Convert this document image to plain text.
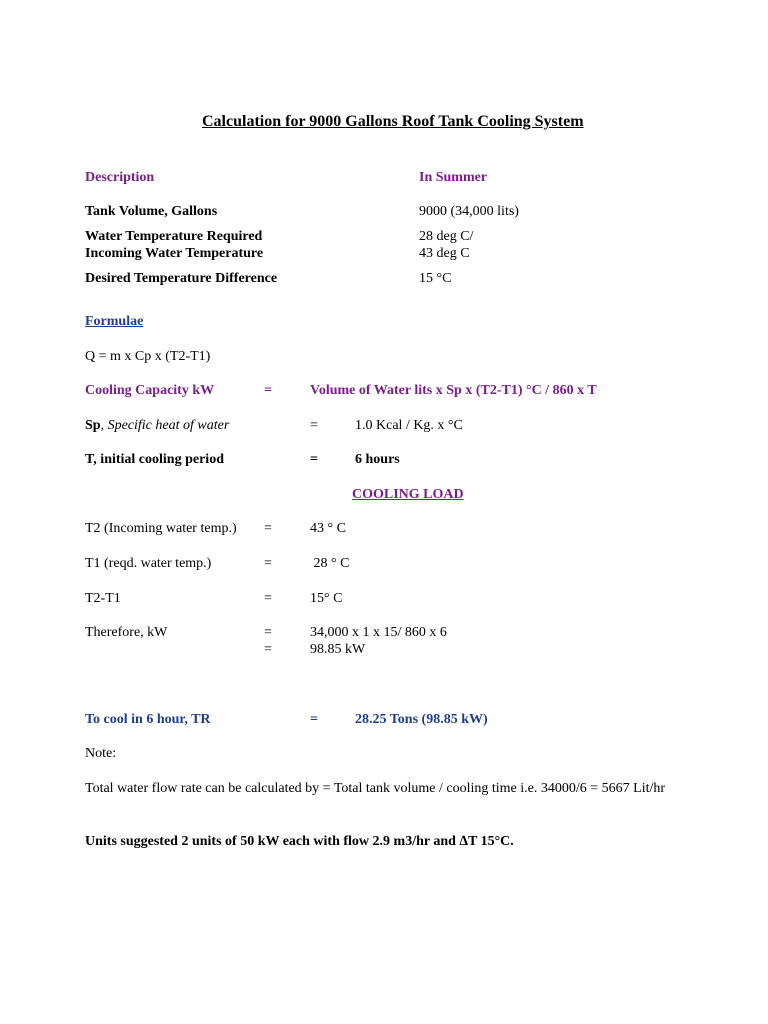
Calculation for 9000 Gallons Roof Tank Cooling System
Description	In Summer
Tank Volume, Gallons	9000 (34,000 lits)
Water Temperature Required	28 deg C/
Incoming Water Temperature	43 deg C
Desired Temperature Difference	15 °C
Formulae
Q = m x Cp x (T2-T1)
Cooling Capacity kW	=	Volume of Water lits x Sp x (T2-T1) °C / 860 x T
Sp, Specific heat of water	=	1.0 Kcal / Kg. x °C
T, initial cooling period	=	6 hours
COOLING LOAD
T2 (Incoming water temp.) =	43 ° C
T1 (reqd. water temp.)	=	28 ° C
T2-T1	=	15° C
Therefore, kW	=	34,000 x 1 x 15/ 860 x 6
=	98.85 kW
To cool in 6 hour, TR	=	28.25 Tons (98.85 kW)
Note:
Total water flow rate can be calculated by = Total tank volume / cooling time i.e. 34000/6 = 5667 Lit/hr
Units suggested 2 units of 50 kW each with flow 2.9 m3/hr and ∆T 15°C.
